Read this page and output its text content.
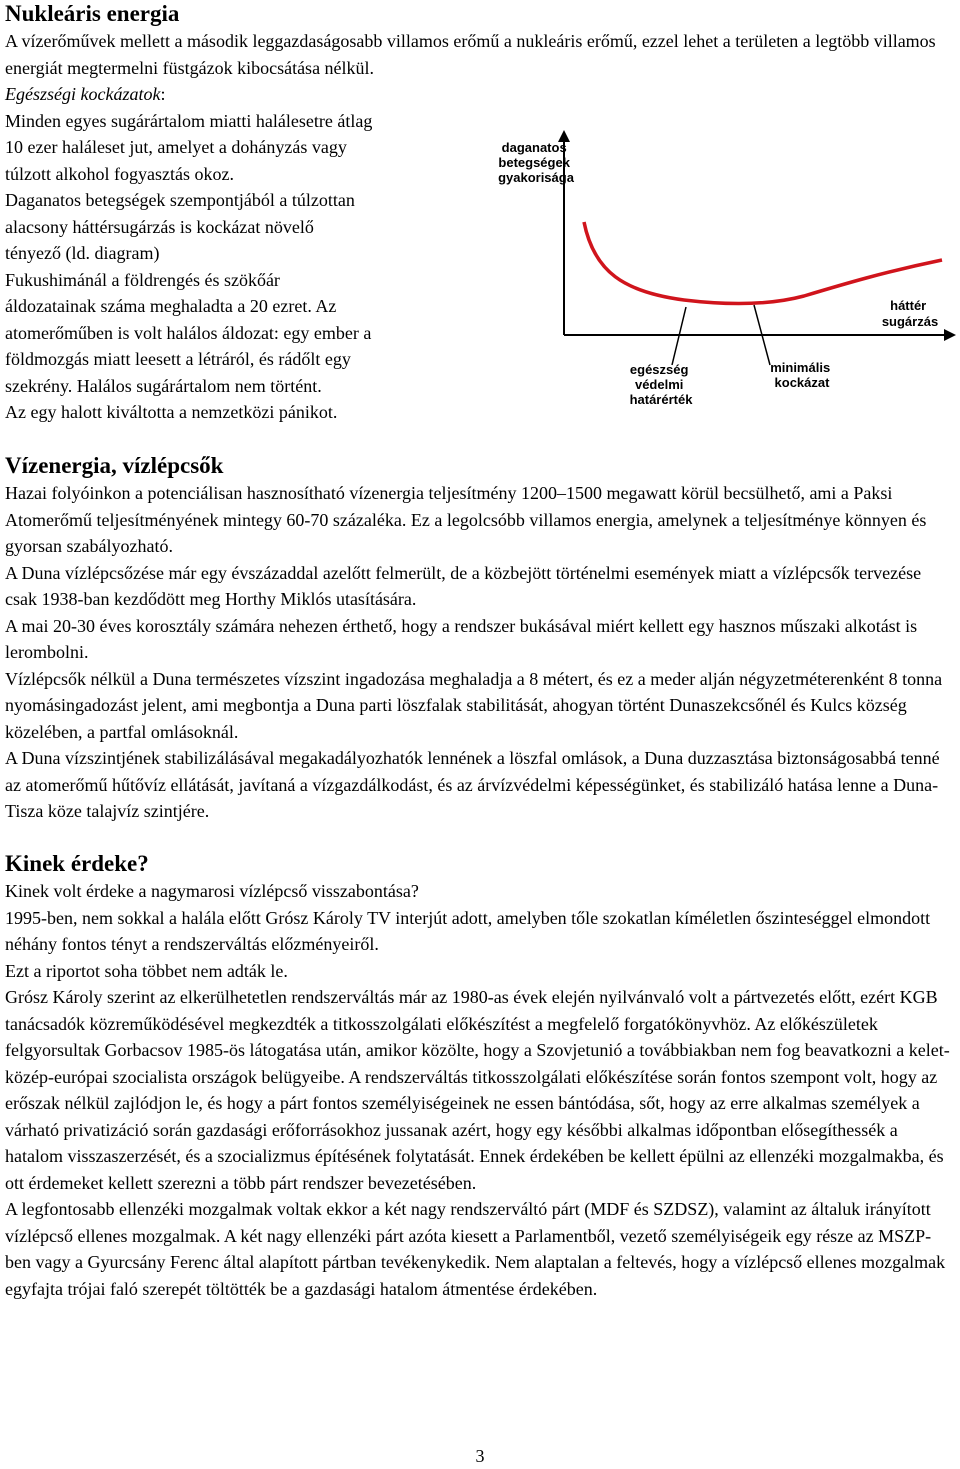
Nukleáris energia

A vízerőművek mellett a második leggazdaságosabb villamos erőmű a nukleáris erőmű, ezzel lehet a területen a legtöbb villamos energiát megtermelni füstgázok kibocsátása nélkül.

Egészségi kockázatok:

Minden egyes sugárártalom miatti halálesetre átlag

10 ezer haláleset jut, amelyet a dohányzás vagy

túlzott alkohol fogyasztás okoz.

Daganatos betegségek szempontjából a túlzottan

alacsony háttérsugárzás is kockázat növelő

tényező (ld. diagram)

Fukushimánál a földrengés és szökőár

áldozatainak száma meghaladta a 20 ezret. Az

atomerőműben is volt halálos áldozat: egy ember a

földmozgás miatt leesett a létráról, és rádőlt egy

szekrény. Halálos sugárártalom nem történt.

Az egy halott kiváltotta a nemzetközi pánikot.

daganatos betegségek gyakorisága
háttér sugárzás
egészség védelmi határérték
minimális kockázat
Vízenergia, vízlépcsők

Hazai folyóinkon a potenciálisan hasznosítható vízenergia teljesítmény 1200–1500 megawatt körül becsülhető, ami a Paksi Atomerőmű teljesítményének mintegy 60-70 százaléka. Ez a legolcsóbb villamos energia, amelynek a teljesítménye könnyen és gyorsan szabályozható.

A Duna vízlépcsőzése már egy évszázaddal azelőtt felmerült, de a közbejött történelmi események miatt a vízlépcsők tervezése csak 1938-ban kezdődött meg Horthy Miklós utasítására.

A mai 20-30 éves korosztály számára nehezen érthető, hogy a rendszer bukásával miért kellett egy hasznos műszaki alkotást is lerombolni.

Vízlépcsők nélkül a Duna természetes vízszint ingadozása meghaladja a 8 métert, és ez a meder alján négyzetméterenként 8 tonna nyomásingadozást jelent, ami megbontja a Duna parti löszfalak stabilitását, ahogyan történt Dunaszekcsőnél és Kulcs község közelében, a partfal omlásoknál.

A Duna vízszintjének stabilizálásával megakadályozhatók lennének a löszfal omlások, a Duna duzzasztása biztonságosabbá tenné az atomerőmű hűtővíz ellátását, javítaná a vízgazdálkodást, és az árvízvédelmi képességünket, és stabilizáló hatása lenne a Duna-Tisza köze talajvíz szintjére.

Kinek érdeke?

Kinek volt érdeke a nagymarosi vízlépcső visszabontása?

1995-ben, nem sokkal a halála előtt Grósz Károly TV interjút adott, amelyben tőle szokatlan kíméletlen őszinteséggel elmondott néhány fontos tényt a rendszerváltás előzményeiről.

Ezt a riportot soha többet nem adták le.

Grósz Károly szerint az elkerülhetetlen rendszerváltás már az 1980-as évek elején nyilvánvaló volt a pártvezetés előtt, ezért KGB tanácsadók közreműködésével megkezdték a titkosszolgálati előkészítést a megfelelő forgatókönyvhöz. Az előkészületek felgyorsultak Gorbacsov 1985-ös látogatása után, amikor közölte, hogy a Szovjetunió a továbbiakban nem fog beavatkozni a kelet-közép-európai szocialista országok belügyeibe. A rendszerváltás titkosszolgálati előkészítése során fontos szempont volt, hogy az erőszak nélkül zajlódjon le, és hogy a párt fontos személyiségeinek ne essen bántódása, sőt, hogy az erre alkalmas személyek a várható privatizáció során gazdasági erőforrásokhoz jussanak azért, hogy egy későbbi alkalmas időpontban elősegíthessék a hatalom visszaszerzését, és a szocializmus építésének folytatását. Ennek érdekében be kellett épülni az ellenzéki mozgalmakba, és ott érdemeket kellett szerezni a több párt rendszer bevezetésében.

A legfontosabb ellenzéki mozgalmak voltak ekkor a két nagy rendszerváltó párt (MDF és SZDSZ), valamint az általuk irányított vízlépcső ellenes mozgalmak. A két nagy ellenzéki párt azóta kiesett a Parlamentből, vezető személyiségeik egy része az MSZP-ben vagy a Gyurcsány Ferenc által alapított pártban tevékenykedik. Nem alaptalan a feltevés, hogy a vízlépcső ellenes mozgalmak egyfajta trójai faló szerepét töltötték be a gazdasági hatalom átmentése érdekében.

3
